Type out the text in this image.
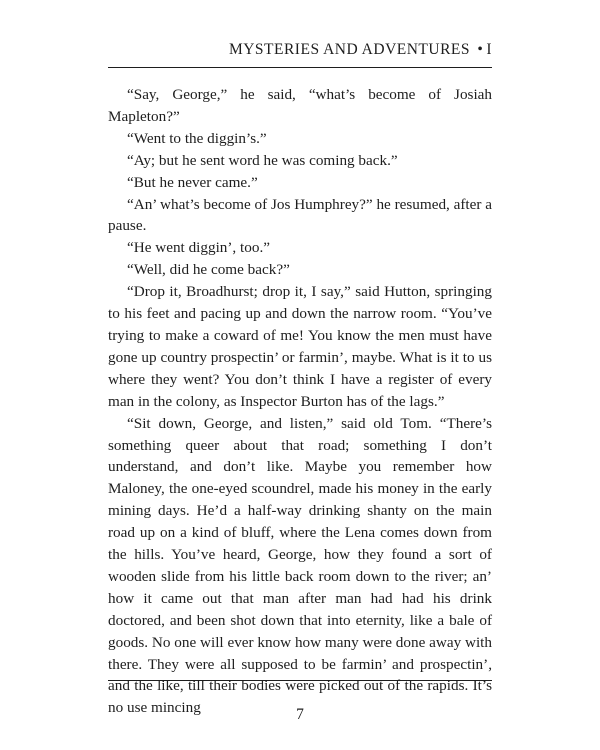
MYSTERIES AND ADVENTURES • I

“Say, George,” he said, “what’s become of Josiah Mapleton?”

“Went to the diggin’s.”

“Ay; but he sent word he was coming back.”

“But he never came.”

“An’ what’s become of Jos Humphrey?” he resumed, after a pause.

“He went diggin’, too.”

“Well, did he come back?”

“Drop it, Broadhurst; drop it, I say,” said Hutton, springing to his feet and pacing up and down the narrow room. “You’ve trying to make a coward of me! You know the men must have gone up country prospectin’ or farmin’, maybe. What is it to us where they went? You don’t think I have a register of every man in the colony, as Inspector Burton has of the lags.”

“Sit down, George, and listen,” said old Tom. “There’s something queer about that road; something I don’t understand, and don’t like. Maybe you remember how Maloney, the one-eyed scoundrel, made his money in the early mining days. He’d a half-way drinking shanty on the main road up on a kind of bluff, where the Lena comes down from the hills. You’ve heard, George, how they found a sort of wooden slide from his little back room down to the river; an’ how it came out that man after man had had his drink doctored, and been shot down that into eternity, like a bale of goods. No one will ever know how many were done away with there. They were all supposed to be farmin’ and prospectin’, and the like, till their bodies were picked out of the rapids. It’s no use mincing	7
